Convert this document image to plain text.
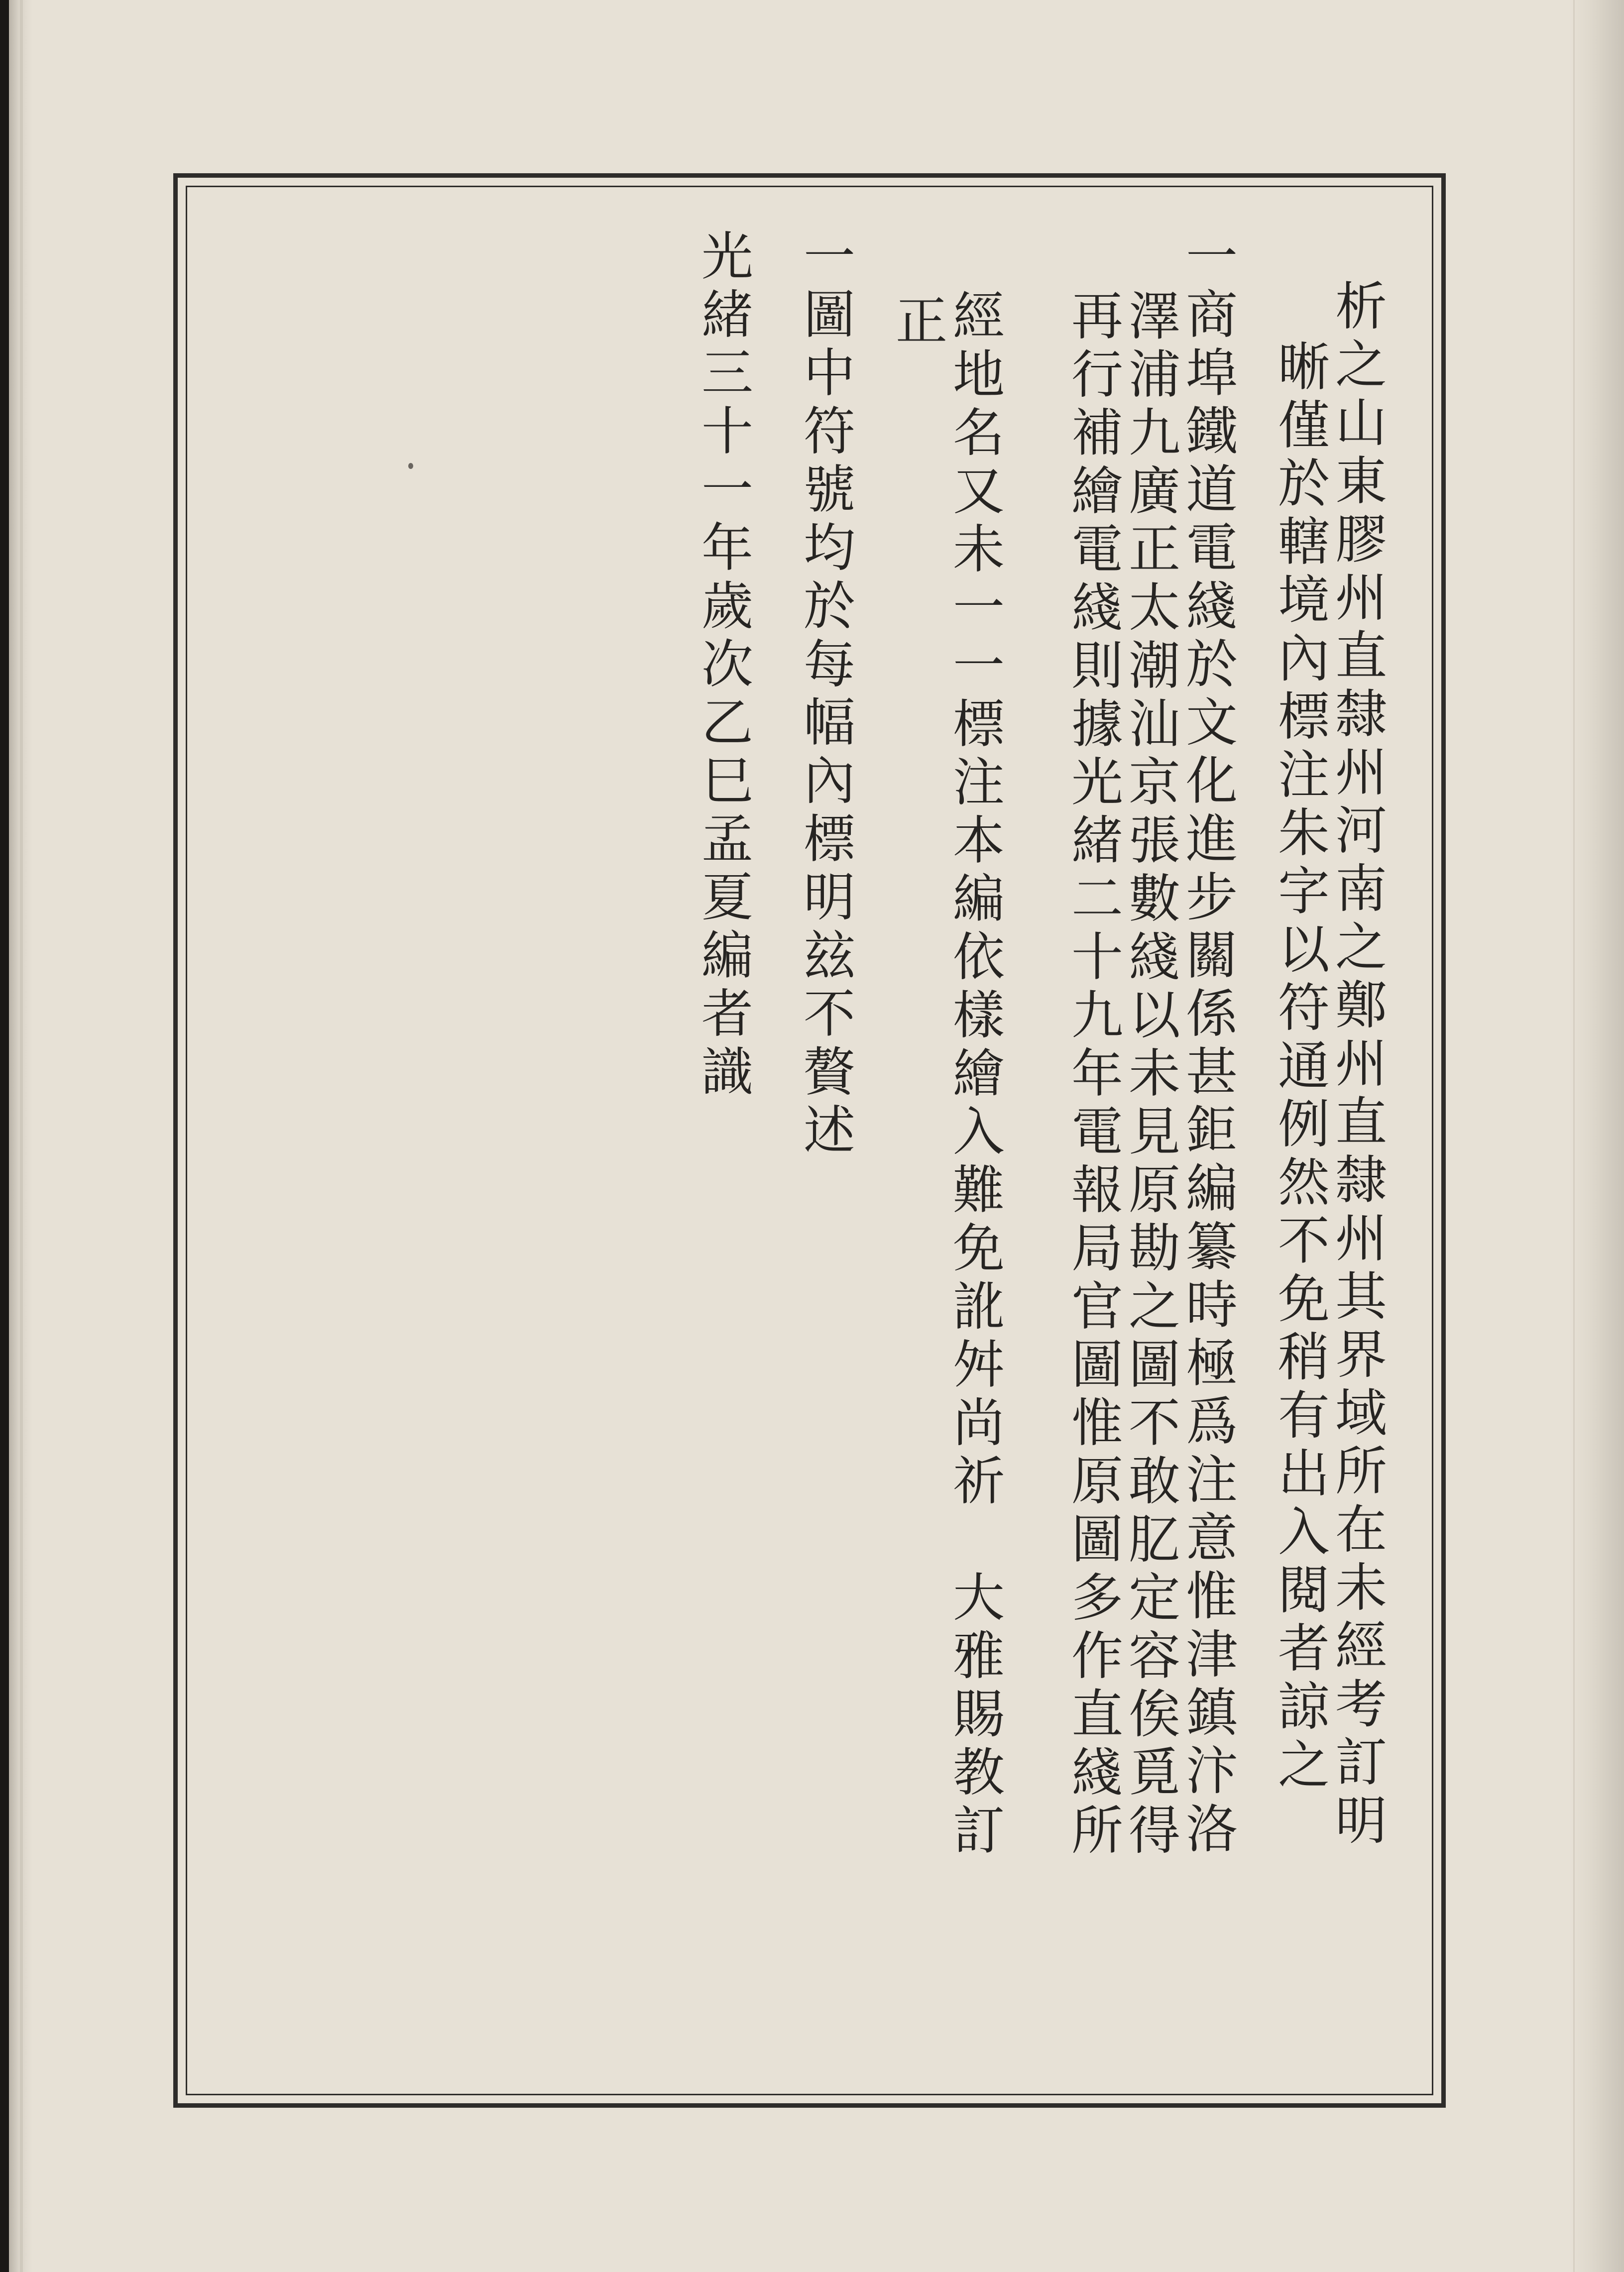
析之山東膠州直隸州河南之鄭州直隸州其界域所在未經考訂明
晰僅於轄境內標注朱字以符通例然不免稍有出入閱者諒之
一商埠鐵道電綫於文化進步關係甚鉅編纂時極爲注意惟津鎮汴洛
澤浦九廣正太潮汕京張數綫以未見原勘之圖不敢肊定容俟覓得
再行補繪電綫則據光緒二十九年電報局官圖惟原圖多作直綫所
經地名又未一一標注本編依樣繪入難免訛舛尚祈　大雅賜教訂
正
一圖中符號均於每幅內標明玆不贅述
光緒三十一年歲次乙巳孟夏編者識
